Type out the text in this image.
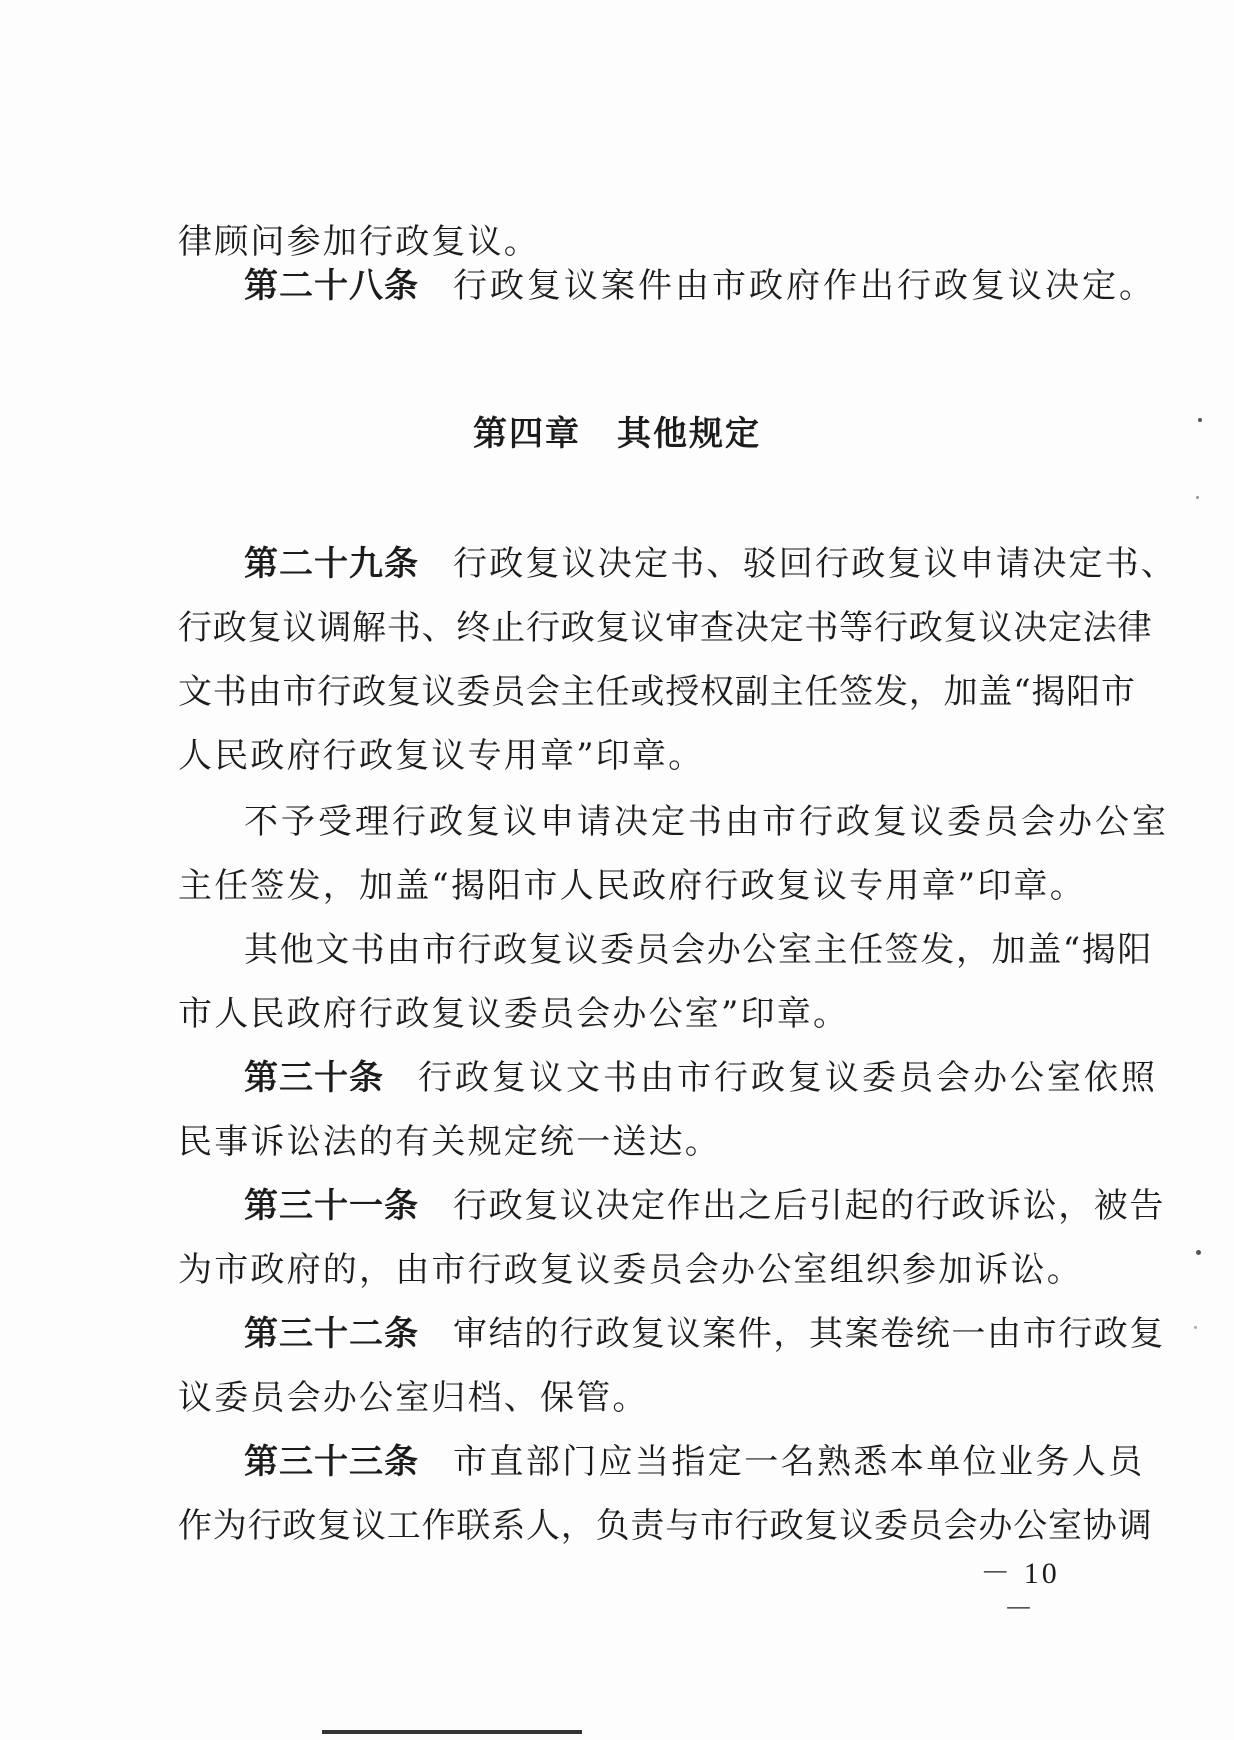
律顾问参加行政复议。
第二十八条 行政复议案件由市政府作出行政复议决定。
第四章 其他规定
第二十九条 行政复议决定书、驳回行政复议申请决定书、
行政复议调解书、终止行政复议审查决定书等行政复议决定法律
文书由市行政复议委员会主任或授权副主任签发，加盖“揭阳市
人民政府行政复议专用章”印章。
不予受理行政复议申请决定书由市行政复议委员会办公室
主任签发，加盖“揭阳市人民政府行政复议专用章”印章。
其他文书由市行政复议委员会办公室主任签发，加盖“揭阳
市人民政府行政复议委员会办公室”印章。
第三十条 行政复议文书由市行政复议委员会办公室依照
民事诉讼法的有关规定统一送达。
第三十一条 行政复议决定作出之后引起的行政诉讼，被告
为市政府的，由市行政复议委员会办公室组织参加诉讼。
第三十二条 审结的行政复议案件，其案卷统一由市行政复
议委员会办公室归档、保管。
第三十三条 市直部门应当指定一名熟悉本单位业务人员
作为行政复议工作联系人，负责与市行政复议委员会办公室协调
－ 10 －
